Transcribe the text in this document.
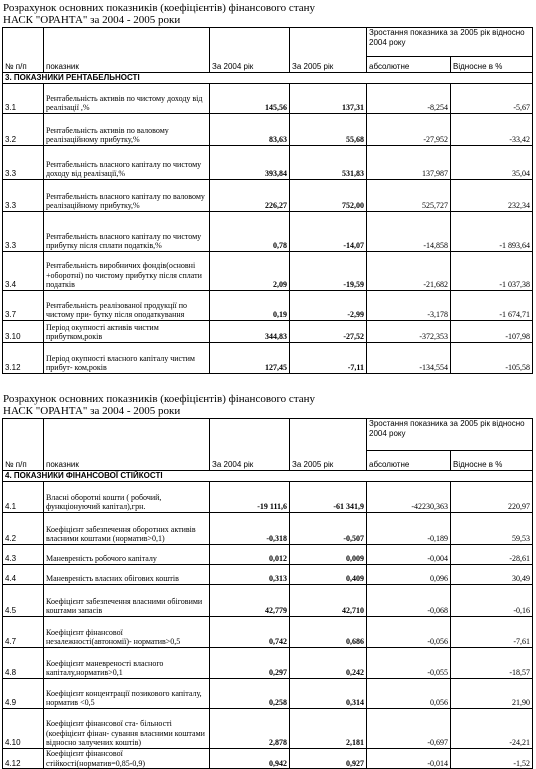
Розрахунок основних показників (коефіцієнтів) фінансового стану
НАСК "ОРАНТА" за 2004 - 2005 роки
№ п/п	показник	За 2004 рік	За 2005 рік	Зростання показника за 2005 рік відносно 2004 року	
				абсолютне	Відносне в %
3. ПОКАЗНИКИ РЕНТАБЕЛЬНОСТІ					
3.1	Рентабельність активів по чистому доходу від реалізації ,%	145,56	137,31	-8,254	-5,67
3.2	Рентабельність активів по валовому реалізаційному прибутку,%	83,63	55,68	-27,952	-33,42
3.3	Рентабельність власного капіталу по чистому доходу від реалізації,%	393,84	531,83	137,987	35,04
3.3	Рентабельність власного капіталу по валовому реалізаційному прибутку,%	226,27	752,00	525,727	232,34
3.3	Рентабельність власного капіталу по чистому прибутку після сплати податків,%	0,78	-14,07	-14,858	-1 893,64
3.4	Рентабельність виробничих фондів(основні +оборотні) по чистому прибутку після сплати податків	2,09	-19,59	-21,682	-1 037,38
3.7	Рентабельність реалізованої продукції по чистому при- бутку після оподаткування	0,19	-2,99	-3,178	-1 674,71
3.10	Період окупності активів чистим прибутком,років	344,83	-27,52	-372,353	-107,98
3.12	Період окупності власного капіталу чистим прибут- ком,років	127,45	-7,11	-134,554	-105,58
Розрахунок основних показників (коефіцієнтів) фінансового стану
НАСК "ОРАНТА" за 2004 - 2005 роки
№ п/п	показник	За 2004 рік	За 2005 рік	Зростання показника за 2005 рік відносно 2004 року	
				абсолютне	Відносне в %
4. ПОКАЗНИКИ ФІНАНСОВОЇ СТІЙКОСТІ					
4.1	Власні оборотні кошти ( робочий, функціонуючий капітал),грн.	-19 111,6	-61 341,9	-42230,363	220,97
4.2	Коефіцієнт забезпечення оборотних активів власними коштами (норматив>0,1)	-0,318	-0,507	-0,189	59,53
4.3	Маневреність робочого капіталу	0,012	0,009	-0,004	-28,61
4.4	Маневреність власних обігових коштів	0,313	0,409	0,096	30,49
4.5	Коефіцієнт забезпечення власними обіговими коштами запасів	42,779	42,710	-0,068	-0,16
4.7	Коефіцієнт фінансової незалежності(автономії)- норматив>0,5	0,742	0,686	-0,056	-7,61
4.8	Коефіцієнт маневреності власного капіталу,норматив>0,1	0,297	0,242	-0,055	-18,57
4.9	Коефіцієнт концентрації позикового капіталу, норматив <0,5	0,258	0,314	0,056	21,90
4.10	Коефіцієнт фінансової ста- більності (коефіцієнт фінан- сування власними коштами відносно залучених коштів)	2,878	2,181	-0,697	-24,21
4.12	Коефіцієнт фінансової стійкості(норматив=0,85-0,9)	0,942	0,927	-0,014	-1,52
